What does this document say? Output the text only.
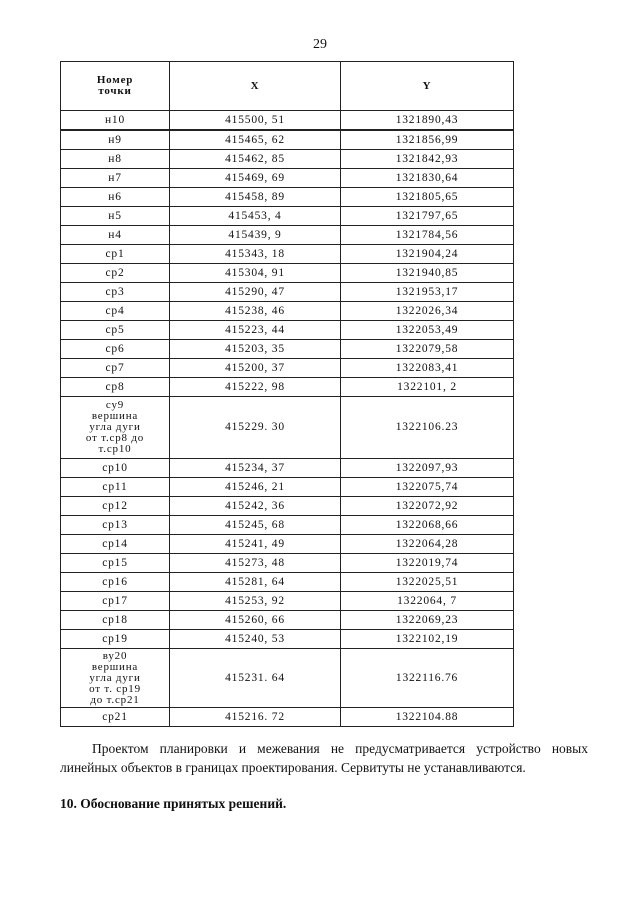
29
Номер
точки	X	Y
н10	415500, 51	1321890,43
н9	415465, 62	1321856,99
н8	415462, 85	1321842,93
н7	415469, 69	1321830,64
н6	415458, 89	1321805,65
н5	415453, 4	1321797,65
н4	415439, 9	1321784,56
ср1	415343, 18	1321904,24
ср2	415304, 91	1321940,85
ср3	415290, 47	1321953,17
ср4	415238, 46	1322026,34
ср5	415223, 44	1322053,49
ср6	415203, 35	1322079,58
ср7	415200, 37	1322083,41
ср8	415222, 98	1322101, 2
су9
вершина
угла дуги
от т.ср8 до
т.ср10	415229. 30	1322106.23
ср10	415234, 37	1322097,93
ср11	415246, 21	1322075,74
ср12	415242, 36	1322072,92
ср13	415245, 68	1322068,66
ср14	415241, 49	1322064,28
ср15	415273, 48	1322019,74
ср16	415281, 64	1322025,51
ср17	415253, 92	1322064, 7
ср18	415260, 66	1322069,23
ср19	415240, 53	1322102,19
ву20
вершина
угла дуги
от т. ср19
до т.ср21	415231. 64	1322116.76
ср21	415216. 72	1322104.88
Проектом планировки и межевания не предусматривается устройство новых линейных объектов в границах проектирования. Сервитуты не устанавливаются.
10. Обоснование принятых решений.
